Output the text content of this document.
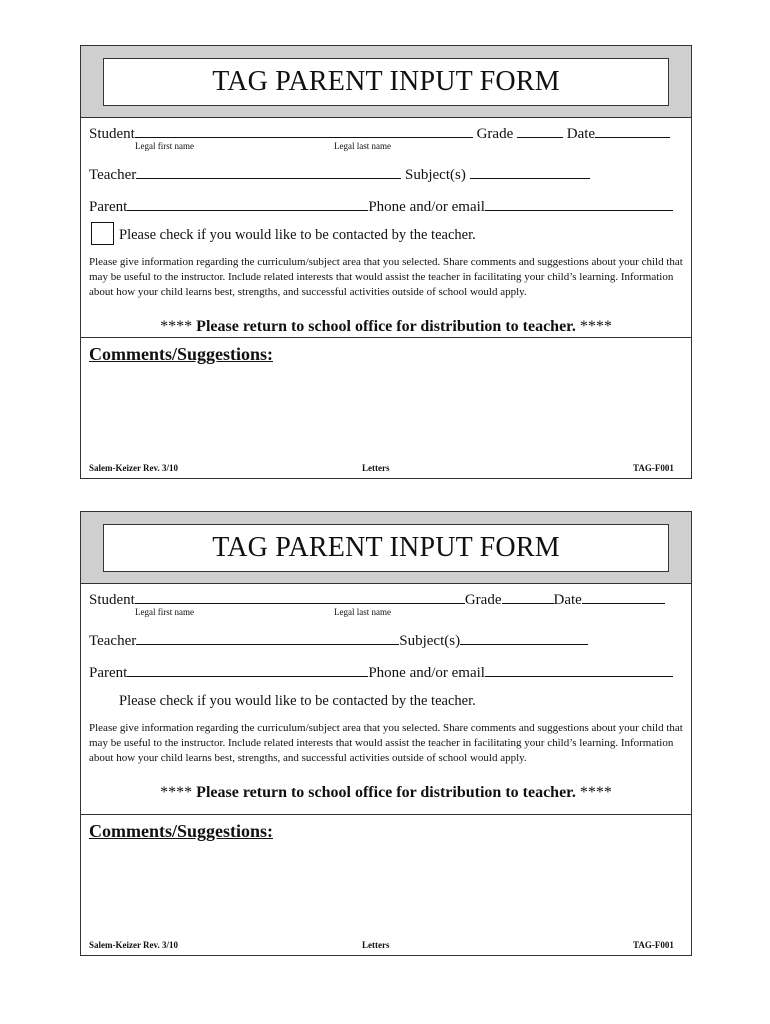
TAG PARENT INPUT FORM
Student	Grade	Date
Legal first name	Legal last name
Teacher	Subject(s)
Parent	Phone and/or email
Please check if you would like to be contacted by the teacher.
Please give information regarding the curriculum/subject area that you selected. Share comments and suggestions about your child that may be useful to the instructor. Include related interests that would assist the teacher in facilitating your child’s learning. Information about how your child learns best, strengths, and successful activities outside of school would apply.
**** Please return to school office for distribution to teacher. ****
Comments/Suggestions:
Salem-Keizer Rev. 3/10	Letters	TAG-F001
TAG PARENT INPUT FORM
Student	Grade	Date
Legal first name	Legal last name
Teacher	Subject(s)
Parent	Phone and/or email
Please check if you would like to be contacted by the teacher.
Please give information regarding the curriculum/subject area that you selected. Share comments and suggestions about your child that may be useful to the instructor. Include related interests that would assist the teacher in facilitating your child’s learning. Information about how your child learns best, strengths, and successful activities outside of school would apply.
**** Please return to school office for distribution to teacher. ****
Comments/Suggestions:
Salem-Keizer Rev. 3/10	Letters	TAG-F001
